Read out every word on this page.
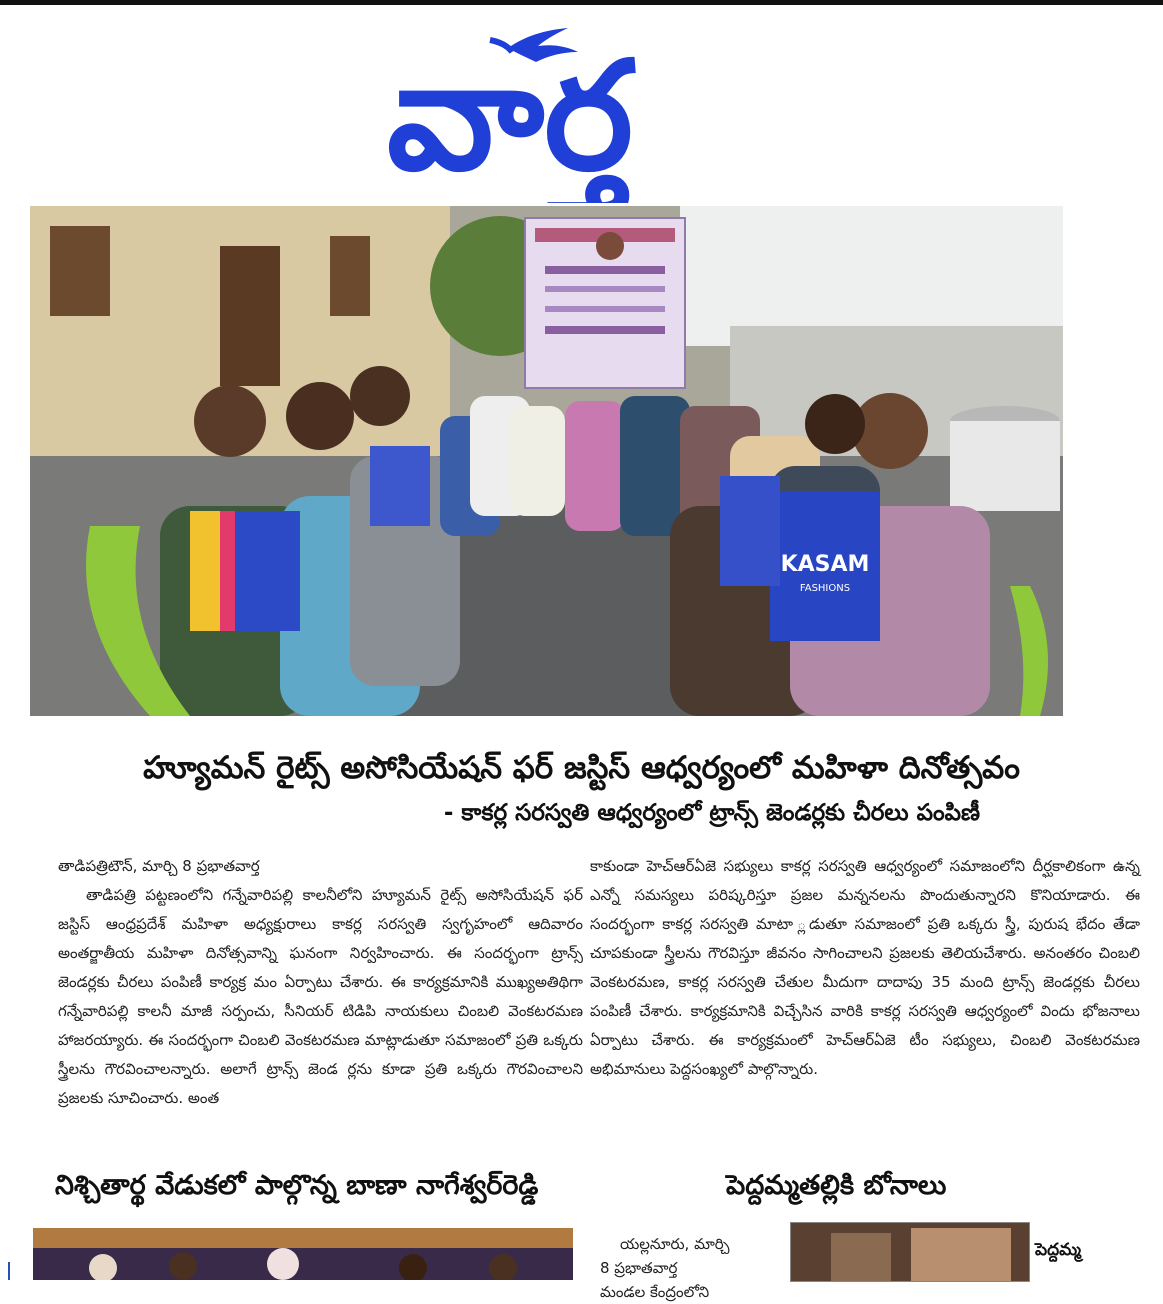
వార్త
KASAM
FASHIONS
హ్యూమన్ రైట్స్ అసోసియేషన్ ఫర్ జస్టిస్ ఆధ్వర్యంలో మహిళా దినోత్సవం
- కాకర్ల సరస్వతి ఆధ్వర్యంలో ట్రాన్స్ జెండర్లకు చీరలు పంపిణీ

తాడిపత్రిటౌన్, మార్చి 8 ప్రభాతవార్త

తాడిపత్రి పట్టణంలోని గన్నేవారిపల్లి కాలనీలోని హ్యూమన్ రైట్స్ అసోసియేషన్ ఫర్ జస్టిస్ ఆంధ్రప్రదేశ్ మహిళా అధ్యక్షురాలు కాకర్ల సరస్వతి స్వగృహంలో ఆదివారం అంతర్జాతీయ మహిళా దినోత్సవాన్ని ఘనంగా నిర్వహించారు. ఈ సందర్భంగా ట్రాన్స్ జెండర్లకు చీరలు పంపిణీ కార్యక్ర మం ఏర్పాటు చేశారు. ఈ కార్యక్రమానికి ముఖ్యఅతిథిగా గన్నేవారిపల్లి కాలనీ మాజీ సర్పంచు, సీనియర్ టిడిపి నాయకులు చింబలి వెంకటరమణ హాజరయ్యారు. ఈ సందర్భంగా చింబలి వెంకటరమణ మాట్లాడుతూ సమాజంలో ప్రతి ఒక్కరు స్త్రీలను గౌరవించాలన్నారు. అలాగే ట్రాన్స్ జెండ ర్లను కూడా ప్రతి ఒక్కరు గౌరవించాలని ప్రజలకు సూచించారు. అంత

కాకుండా హెచ్ఆర్ఏజె సభ్యులు కాకర్ల సరస్వతి ఆధ్వర్యంలో సమాజంలోని దీర్ఘకాలికంగా ఉన్న ఎన్నో సమస్యలు పరిష్కరిస్తూ ప్రజల మన్ననలను పొందుతున్నారని కొనియాడారు. ఈ సందర్భంగా కాకర్ల సరస్వతి మాటా ్లడుతూ సమాజంలో ప్రతి ఒక్కరు స్త్రీ, పురుష భేదం తేడా చూపకుండా స్త్రీలను గౌరవిస్తూ జీవనం సాగించాలని ప్రజలకు తెలియచేశారు. అనంతరం చింబలి వెంకటరమణ, కాకర్ల సరస్వతి చేతుల మీదుగా దాదాపు 35 మంది ట్రాన్స్ జెండర్లకు చీరలు పంపిణీ చేశారు. కార్యక్రమానికి విచ్చేసిన వారికి కాకర్ల సరస్వతి ఆధ్వర్యంలో విందు భోజనాలు ఏర్పాటు చేశారు. ఈ కార్యక్రమంలో హెచ్ఆర్ఏజె టీం సభ్యులు, చింబలి వెంకటరమణ అభిమానులు పెద్దసంఖ్యలో పాల్గొన్నారు.

నిశ్చితార్థ వేడుకలో పాల్గొన్న బాణా నాగేశ్వర్‌రెడ్డి	పెద్దమ్మతల్లికి బోనాలు
యల్లనూరు, మార్చి
8 ప్రభాతవార్త
మండల కేంద్రంలోని
పెద్దమ్మ
